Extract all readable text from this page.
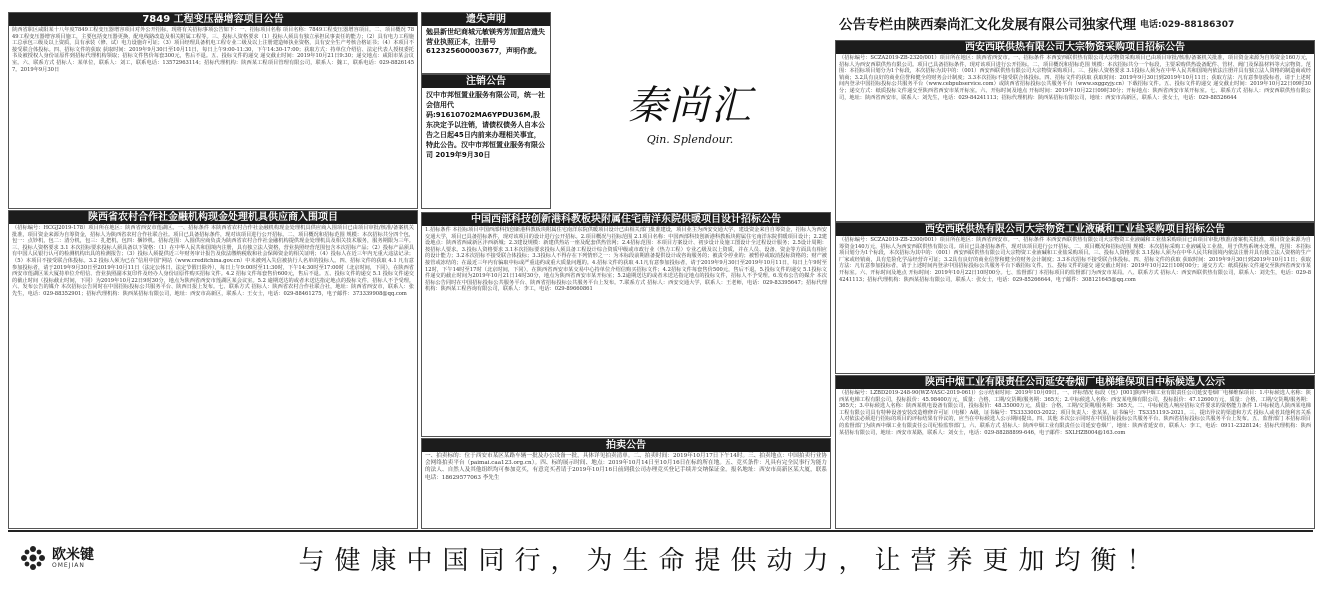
7849 工程变压器增容项目公告
陕西省职区咸阳某十八年度7849工程变压器增容项目对外公开招标，现将有关招标事项公告如下：一、招标项目名称 项目名称：7849工程变压器增容项目。二、项目概况 7849工程变压器增容项目施工，主要包括变压器更换、配电线路改造及相关附属工程等。三、投标人资格要求（1）投标人须具有独立承担民事责任的能力；（2）具有电力工程施工总承包三级及以上资质，具有承装（修、试）电力设施许可证；（3）项目经理具备机电工程专业二级及以上注册建造师执业资格，具有安全生产考核合格证书；（4）本项目不接受联合体投标。四、招标文件的获取 获取时间：2019年9月30日至10月11日，每日上午9:00-11:30，下午14:30-17:00；获取方式：持单位介绍信、法定代表人授权委托书及被授权人身份证原件到招标代理机构领取；招标文件售价每套300元，售后不退。五、投标文件的递交 递交截止时间：2019年10月21日9:30；递交地点：咸阳市某会议室。六、联系方式 招标人：某单位，联系人：刘工，联系电话：13572963114；招标代理机构：陕西某工程项目管理有限公司，联系人：魏工，联系电话：029-88261457。2019年9月30日
陕西省农村合作社金融机构现金处理机具供应商入围项目
（招标编号：HCGJ2019-178）项目所在地区：陕西省西安市莲湖区。一、招标条件 本陕西省农村合作社金融机构现金处理机具供应商入围项目已由项目审批/核准/备案机关批准，项目资金来源为自筹资金，招标人为陕西省农村合作社联合社。项目已具备招标条件，现对该项目进行公开招标。二、项目概况和招标范围 规模：本次招标共分四个包，包一：点钞机，包二：清分机，包三：扎把机，包四：捆钞机。招标范围：入围供应商负责为陕西省农村合作社金融机构提供现金处理机具及相关技术服务，服务期限为三年。三、投标人资格要求 3.1 本次招标要求投标人须具备以下资格：（1）在中华人民共和国境内注册，具有独立法人资格，营业执照经营范围包含本次招标产品；（2）投标产品须具有中国人民银行认可的检测机构出具的检测报告；（3）投标人须提供近三年财务审计报告及依法缴纳税收和社会保障资金的相关证明；（4）投标人在近三年内无重大违法记录；（5）本项目不接受联合体投标。3.2 投标人须为已在“信用中国”网站（www.creditchina.gov.cn）中未被列入失信被执行人名单的投标人。四、招标文件的获取 4.1 凡有意参加投标者，请于2019年9月30日至2019年10月11日（法定公休日、法定节假日除外），每日上午9:00时至11:30时，下午14:30时至17:00时（北京时间，下同），在陕西省西安市莲湖区某大厦持单位介绍信、营业执照副本复印件及经办人身份证原件购买招标文件。4.2 招标文件每套售价600元，售后不退。五、投标文件的递交 5.1 投标文件递交的截止时间（投标截止时间，下同）为2019年10月22日9时30分，地点为陕西省西安市莲湖区某会议室。5.2 逾期送达的或者未送达指定地点的投标文件，招标人不予受理。六、发布公告的媒介 本次招标公告同时在中国招标投标公共服务平台、陕西日报上发布。七、联系方式 招标人：陕西省农村合作社联合社，地址：陕西省西安市，联系人：张先生，电话：029-88352901；招标代理机构：陕西某招标有限公司，地址：西安市高新区，联系人：王女士，电话：029-88461275，电子邮件：373339908@qq.com
遗失声明
勉县新世纪商城元敏镁秀芳加盟店遗失营业执照正本，注册号612325600003677，声明作废。
注销公告
汉中市邦恒置业服务有限公司，统一社会信用代码:91610702MA6YPDU36M,股东决定予以注销，请债权债务人自本公告之日起45日内前来办理相关事宜，特此公告。汉中市邦恒置业服务有限公司 2019年9月30日
秦尚汇
Qin. Splendour.
中国西部科技创新港科教板块附属住宅南洋东院供暖项目设计招标公告
1.招标条件 本招标项目中国西部科技创新港科教板块附属住宅南洋东院供暖项目设计已由相关部门批准建设，项目业主为西安交通大学，建设资金来自自筹资金，招标人为西安交通大学，项目已具备招标条件，现对该项目的设计进行公开招标。2.项目概况与招标范围 2.1项目名称：中国西部科技创新港科教板块附属住宅南洋东院供暖项目设计；2.2建设地点：陕西省西咸新区沣西新城；2.3建设规模：新建供热站一座及配套供热管网；2.4招标范围：本项目方案设计、初步设计及施工图设计全过程设计服务；2.5设计周期：按招标人要求。3.投标人资格要求 3.1本次招标要求投标人须具备工程设计综合资质甲级或市政行业（热力工程）专业乙级及以上资质，并在人员、设备、资金等方面具有相应的设计能力；3.2本次招标不接受联合体投标；3.3投标人不得存在下列情形之一：为本标段前期准备提供设计或咨询服务的；被责令停业的；被暂停或取消投标资格的；财产被接管或冻结的；在最近三年内有骗取中标或严重违约或重大质量问题的。4.招标文件的获取 4.1凡有意参加投标者，请于2019年9月30日至2019年10月11日，每日上午9时至12时，下午14时至17时（北京时间，下同），在陕西省西安市某交易中心持单位介绍信购买招标文件；4.2招标文件每套售价500元，售后不退。5.投标文件的递交 5.1投标文件递交的截止时间为2019年10月21日14时30分，地点为陕西省西安市某开标室；5.2逾期送达的或者未送达指定地点的投标文件，招标人不予受理。6.发布公告的媒介 本次招标公告同时在中国招标投标公共服务平台、陕西省招标投标公共服务平台上发布。7.联系方式 招标人：西安交通大学，联系人：王老师，电话：029-83395647；招标代理机构：陕西某工程咨询有限公司，联系人：李工，电话：029-89660861
拍卖公告
一、拍卖标的：位于西安市某区某路车辆一批及办公设备一批，具体详见拍卖清单。二、拍卖时间：2019年10月17日下午14时。三、拍卖地点：中国拍卖行业协会网络拍卖平台（paimai.caa123.org.cn）。四、标的展示时间、地点：2019年10月14日至10月16日在标的所在地。五、竞买条件：凡具有完全民事行为能力的法人、自然人及其他组织均可参加竞买，有意竞买者请于2019年10月16日前到我公司办理竞买登记手续并交纳保证金。报名地址：西安市高新区某大厦，联系电话：18629577063 李先生
公告专栏由陕西秦尚汇文化发展有限公司独家代理 电话:029-88186307
西安西联供热有限公司大宗物资采购项目招标公告
（招标编号：SCZA2019-ZB-2320/001）项目所在地区：陕西省西安市。一、招标条件 本西安西联供热有限公司大宗物资采购项目已由项目审批/核准/备案机关批准，项目资金来源为自筹资金160万元，招标人为西安西联供热有限公司。项目已具备招标条件，现对该项目进行公开招标。二、项目概况和招标范围 规模：本次招标共分一个标段，主要采购供热设备配件、管材、阀门及保温材料等大宗物资。范围：本招标项目划分为1个标段，本次招标为其中的：（001）西安西联供热有限公司大宗物资采购项目。三、投标人资格要求 3.1投标人须为在中华人民共和国境内依法注册并具有独立法人资格的制造商或经销商；3.2具有良好的商业信誉和健全的财务会计制度；3.3本次招标不接受联合体投标。四、招标文件的获取 获取时间：2019年9月30日到2019年10月11日；获取方法：凡有意参加投标者，请于上述时间内登录中国招标投标公共服务平台（www.cebpubservice.com）或陕西省招标投标公共服务平台（www.sxggzyjy.cn）下载招标文件。五、投标文件的递交 递交截止时间：2019年10月22日09时30分；递交方式：纸质投标文件递交至陕西省西安市某开标室。六、开标时间及地点 开标时间：2019年10月22日09时30分；开标地点：陕西省西安市某开标室。七、联系方式 招标人：西安西联供热有限公司，地址：陕西省西安市，联系人：刘先生，电话：029-84241113；招标代理机构：陕西某招标有限公司，地址：西安市高新区，联系人：张女士，电话：029-88526644
西安西联供热有限公司大宗物资工业液碱和工业盐采购项目招标公告
（招标编号：SCZA2019-ZB-2300/001）项目所在地区：陕西省西安市。一、招标条件 本西安西联供热有限公司大宗物资工业液碱和工业盐采购项目已由项目审批/核准/备案机关批准，项目资金来源为自筹资金140万元，招标人为西安西联供热有限公司。项目已具备招标条件，现对该项目进行公开招标。二、项目概况和招标范围 规模：本次招标采购工业液碱及工业盐，用于供热系统水处理。范围：本招标项目划分为1个标段，本次招标为其中的：（001）西安西联供热有限公司大宗物资工业液碱和工业盐采购项目。三、投标人资格要求 3.1投标人须为在中华人民共和国境内依法注册并具有独立法人资格的生产厂家或经销商，具有危险化学品经营许可证；3.2具有良好的商业信誉和健全的财务会计制度；3.3本次招标不接受联合体投标。四、招标文件的获取 获取时间：2019年9月30日到2019年10月11日；获取方法：凡有意参加投标者，请于上述时间内登录中国招标投标公共服务平台下载招标文件。五、投标文件的递交 递交截止时间：2019年10月22日10时00分；递交方式：纸质投标文件递交至陕西省西安市某开标室。六、开标时间及地点 开标时间：2019年10月22日10时00分。七、监督部门 本招标项目的监督部门为西安市某局。八、联系方式 招标人：西安西联供热有限公司，联系人：刘先生，电话：029-84241113；招标代理机构：陕西某招标有限公司，联系人：张女士，电话：029-85266644，电子邮件：308121645@qq.com
陕西中烟工业有限责任公司延安卷烟厂电梯维保项目中标候选人公示
（招标编号：LZBD2019-248-90(WZ-YASC-2019-061)）公示结束时间：2019年10月09日。一、评标情况 标段（包）[001]陕西中烟工业有限责任公司延安卷烟厂电梯维保项目：1.中标候选人名称：陕西某电梯工程有限公司，投标报价：45.98400万元，质量：合格，工期/交货期/服务期：365天；2.中标候选人名称：西安某电梯有限公司，投标报价：47.12600万元，质量：合格，工期/交货期/服务期：365天；3.中标候选人名称：陕西某机电设备有限公司，投标报价：48.35000万元，质量：合格，工期/交货期/服务期：365天。二、中标候选人响应招标文件要求的资格能力条件 1.中标候选人陕西某电梯工程有限公司具有特种设备安装改造维修许可证（电梯）A级，证书编号：TS3333003-2022；项目负责人：张某某，证书编号：TS3351193-2021。三、提出异议的渠道和方式 投标人或者其他利害关系人对依法必须进行招标的项目的评标结果有异议的，应当在中标候选人公示期间提出。四、其他 本次公示同时在中国招标投标公共服务平台、陕西省招标投标公共服务平台上发布。五、监督部门 本招标项目的监督部门为陕西中烟工业有限责任公司纪检监察部门。六、联系方式 招标人：陕西中烟工业有限责任公司延安卷烟厂，地址：陕西省延安市，联系人：李工，电话：0911-2328124；招标代理机构：陕西某招标有限公司，地址：西安市某路，联系人：刘女士，电话：029-88288899-646，电子邮件：SXLHZB004@163.com
欧米键
OMEJIAN	与健康中国同行，为生命提供动力，让营养更加均衡！
